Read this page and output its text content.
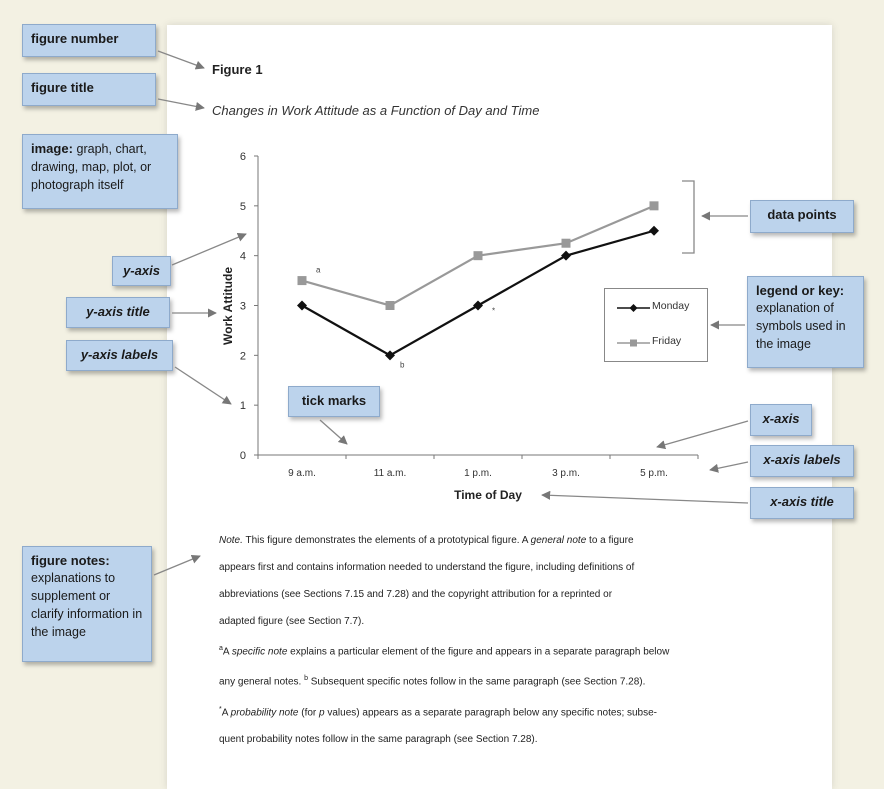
Figure 1
Changes in Work Attitude as a Function of Day and Time
figure number
figure title
image: graph, chart, drawing, map, plot, or photograph itself
y-axis
y-axis title
y-axis labels
tick marks
data points
legend or key: explanation of symbols used in the image
x-axis
x-axis labels
x-axis title
figure notes:
explanations to supplement or clarify information in the image
0
1
2
3
4
5
6
9 a.m.	11 a.m.	1 p.m.	3 p.m.	5 p.m.
a
b
*
Work Attitude
Time of Day
Monday
Friday
Note. This figure demonstrates the elements of a prototypical figure. A general note to a figure
appears first and contains information needed to understand the figure, including definitions of
abbreviations (see Sections 7.15 and 7.28) and the copyright attribution for a reprinted or
adapted figure (see Section 7.7).
$^a$A specific note explains a particular element of the figure and appears in a separate paragraph below
any general notes. $^b$ Subsequent specific notes follow in the same paragraph (see Section 7.28).
*A probability note (for p values) appears as a separate paragraph below any specific notes; subse-
quent probability notes follow in the same paragraph (see Section 7.28).
